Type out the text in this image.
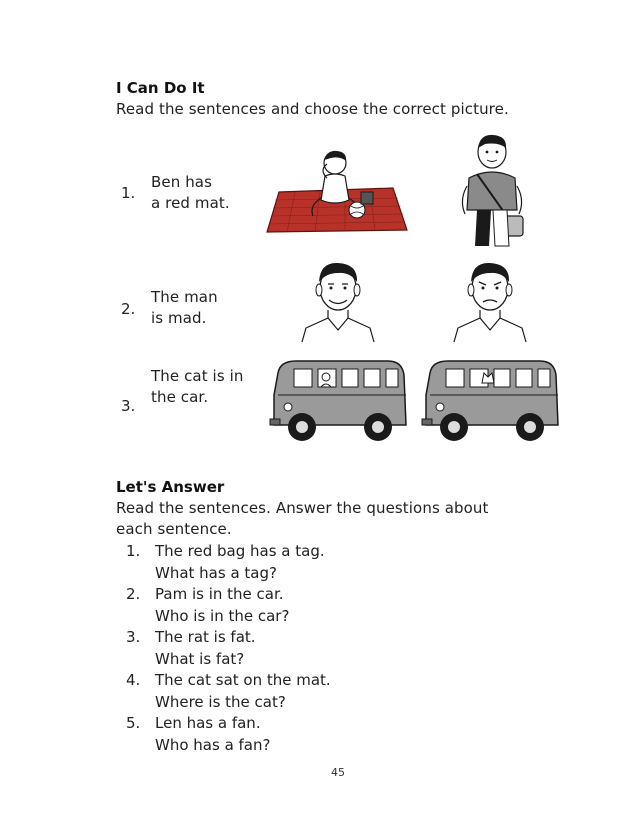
I Can Do It
Read the sentences and choose the correct picture.
1.
Ben has
a red mat.
2.
The man
is mad.
3.
The cat is in
the car.
Let's Answer
Read the sentences. Answer the questions about
each sentence.
1. The red bag has a tag.
What has a tag?
2. Pam is in the car.
Who is in the car?
3. The rat is fat.
What is fat?
4. The cat sat on the mat.
Where is the cat?
5. Len has a fan.
Who has a fan?
45
